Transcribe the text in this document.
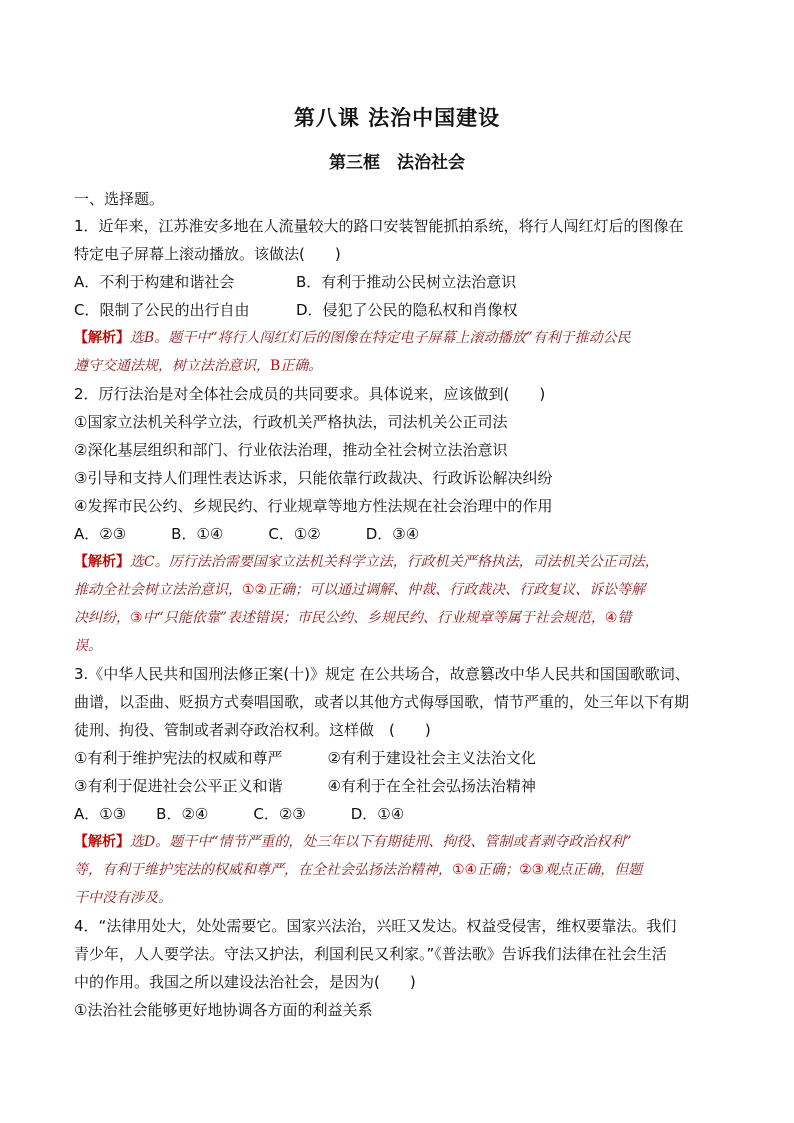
第八课 法治中国建设
第三框　法治社会
一、选择题。
1．近年来，江苏淮安多地在人流量较大的路口安装智能抓拍系统，将行人闯红灯后的图像在
特定电子屏幕上滚动播放。该做法(　　)
A．不利于构建和谐社会	B．有利于推动公民树立法治意识
C．限制了公民的出行自由	D．侵犯了公民的隐私权和肖像权
【解析】选B。题干中“将行人闯红灯后的图像在特定电子屏幕上滚动播放”有利于推动公民
遵守交通法规，树立法治意识，B正确。
2．厉行法治是对全体社会成员的共同要求。具体说来，应该做到(　　)
①国家立法机关科学立法，行政机关严格执法，司法机关公正司法
②深化基层组织和部门、行业依法治理，推动全社会树立法治意识
③引导和支持人们理性表达诉求，只能依靠行政裁决、行政诉讼解决纠纷
④发挥市民公约、乡规民约、行业规章等地方性法规在社会治理中的作用
A．②③　　　B．①④　　　C．①②　　　D．③④
【解析】选C。厉行法治需要国家立法机关科学立法，行政机关严格执法，司法机关公正司法，
推动全社会树立法治意识，①②正确；可以通过调解、仲裁、行政裁决、行政复议、诉讼等解
决纠纷，③中“只能依靠”表述错误；市民公约、乡规民约、行业规章等属于社会规范，④错
误。
3.《中华人民共和国刑法修正案(十)》规定 在公共场合，故意篡改中华人民共和国国歌歌词、
曲谱，以歪曲、贬损方式奏唱国歌，或者以其他方式侮辱国歌，情节严重的，处三年以下有期
徒刑、拘役、管制或者剥夺政治权利。这样做　(　　)
①有利于维护宪法的权威和尊严　　　②有利于建设社会主义法治文化
③有利于促进社会公平正义和谐　　　④有利于在全社会弘扬法治精神
A．①③　　B．②④　　　C．②③　　　D．①④
【解析】选D。题干中“情节严重的，处三年以下有期徒刑、拘役、管制或者剥夺政治权利”
等，有利于维护宪法的权威和尊严，在全社会弘扬法治精神，①④正确；②③观点正确，但题
干中没有涉及。
4．“法律用处大，处处需要它。国家兴法治，兴旺又发达。权益受侵害，维权要靠法。我们
青少年，人人要学法。守法又护法，利国利民又利家。”《普法歌》告诉我们法律在社会生活
中的作用。我国之所以建设法治社会，是因为(　　)
①法治社会能够更好地协调各方面的利益关系
